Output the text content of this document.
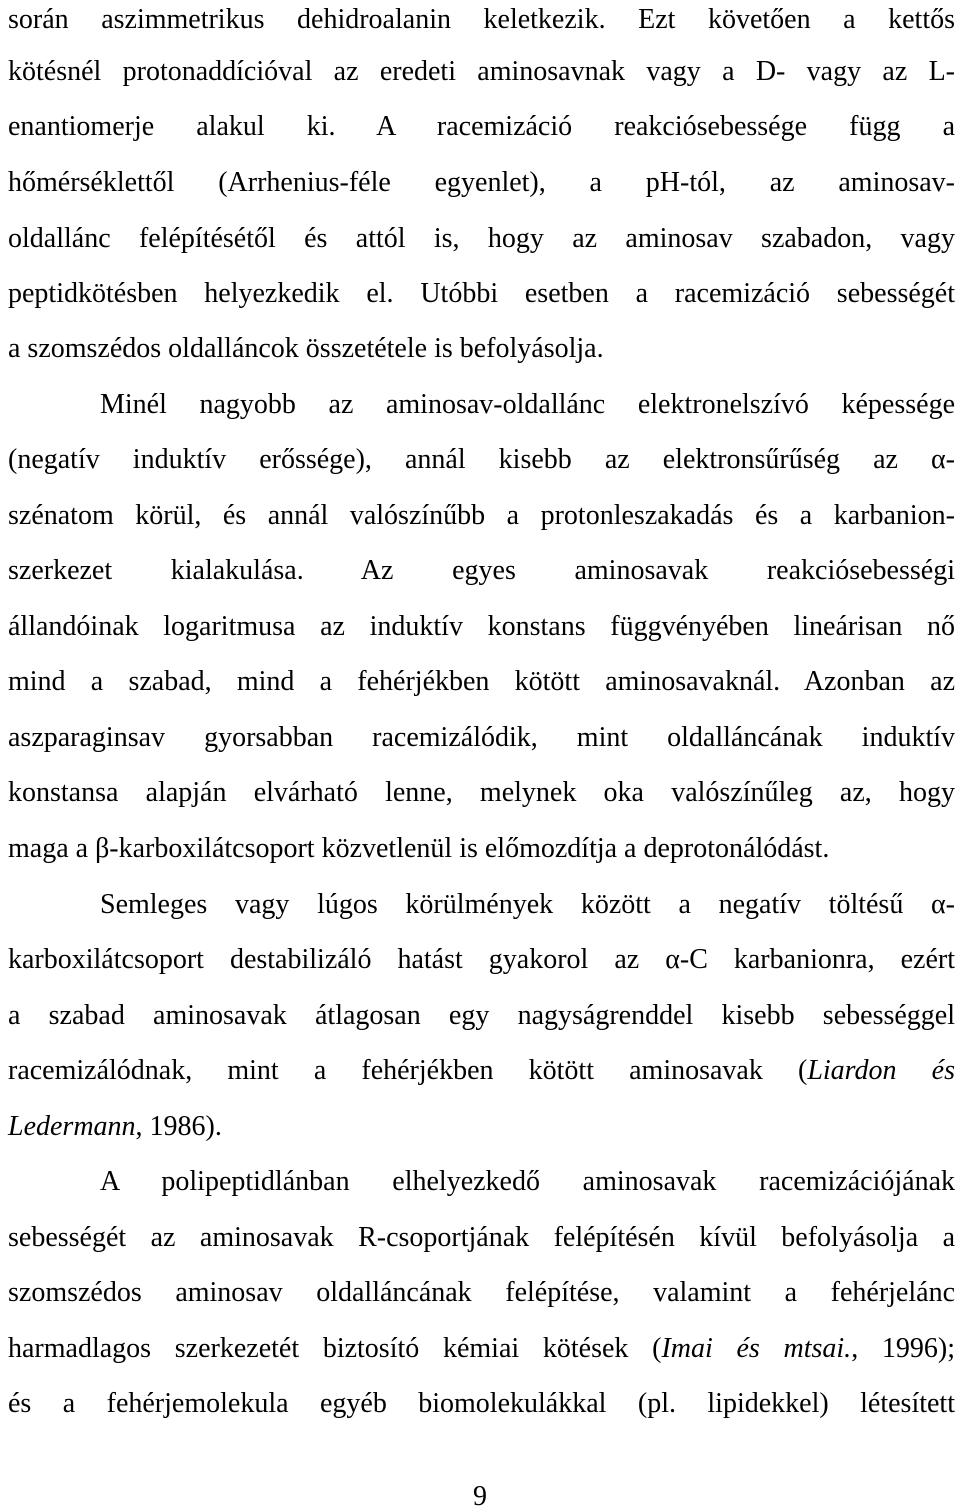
során aszimmetrikus dehidroalanin keletkezik. Ezt követően a kettős
kötésnél protonaddícióval az eredeti aminosavnak vagy a D- vagy az L-
enantiomerje alakul ki. A racemizáció reakciósebessége függ a
hőmérséklettől (Arrhenius-féle egyenlet), a pH-tól, az aminosav-
oldallánc felépítésétől és attól is, hogy az aminosav szabadon, vagy
peptidkötésben helyezkedik el. Utóbbi esetben a racemizáció sebességét
a szomszédos oldalláncok összetétele is befolyásolja.
Minél nagyobb az aminosav-oldallánc elektronelszívó képessége
(negatív induktív erőssége), annál kisebb az elektronsűrűség az α-
szénatom körül, és annál valószínűbb a protonleszakadás és a karbanion-
szerkezet kialakulása. Az egyes aminosavak reakciósebességi
állandóinak logaritmusa az induktív konstans függvényében lineárisan nő
mind a szabad, mind a fehérjékben kötött aminosavaknál. Azonban az
aszparaginsav gyorsabban racemizálódik, mint oldalláncának induktív
konstansa alapján elvárható lenne, melynek oka valószínűleg az, hogy
maga a β-karboxilátcsoport közvetlenül is előmozdítja a deprotonálódást.
Semleges vagy lúgos körülmények között a negatív töltésű α-
karboxilátcsoport destabilizáló hatást gyakorol az α-C karbanionra, ezért
a szabad aminosavak átlagosan egy nagyságrenddel kisebb sebességgel
racemizálódnak, mint a fehérjékben kötött aminosavak (Liardon és
Ledermann, 1986).
A polipeptidlánban elhelyezkedő aminosavak racemizációjának
sebességét az aminosavak R-csoportjának felépítésén kívül befolyásolja a
szomszédos aminosav oldalláncának felépítése, valamint a fehérjelánc
harmadlagos szerkezetét biztosító kémiai kötések (Imai és mtsai., 1996);
és a fehérjemolekula egyéb biomolekulákkal (pl. lipidekkel) létesített
9
